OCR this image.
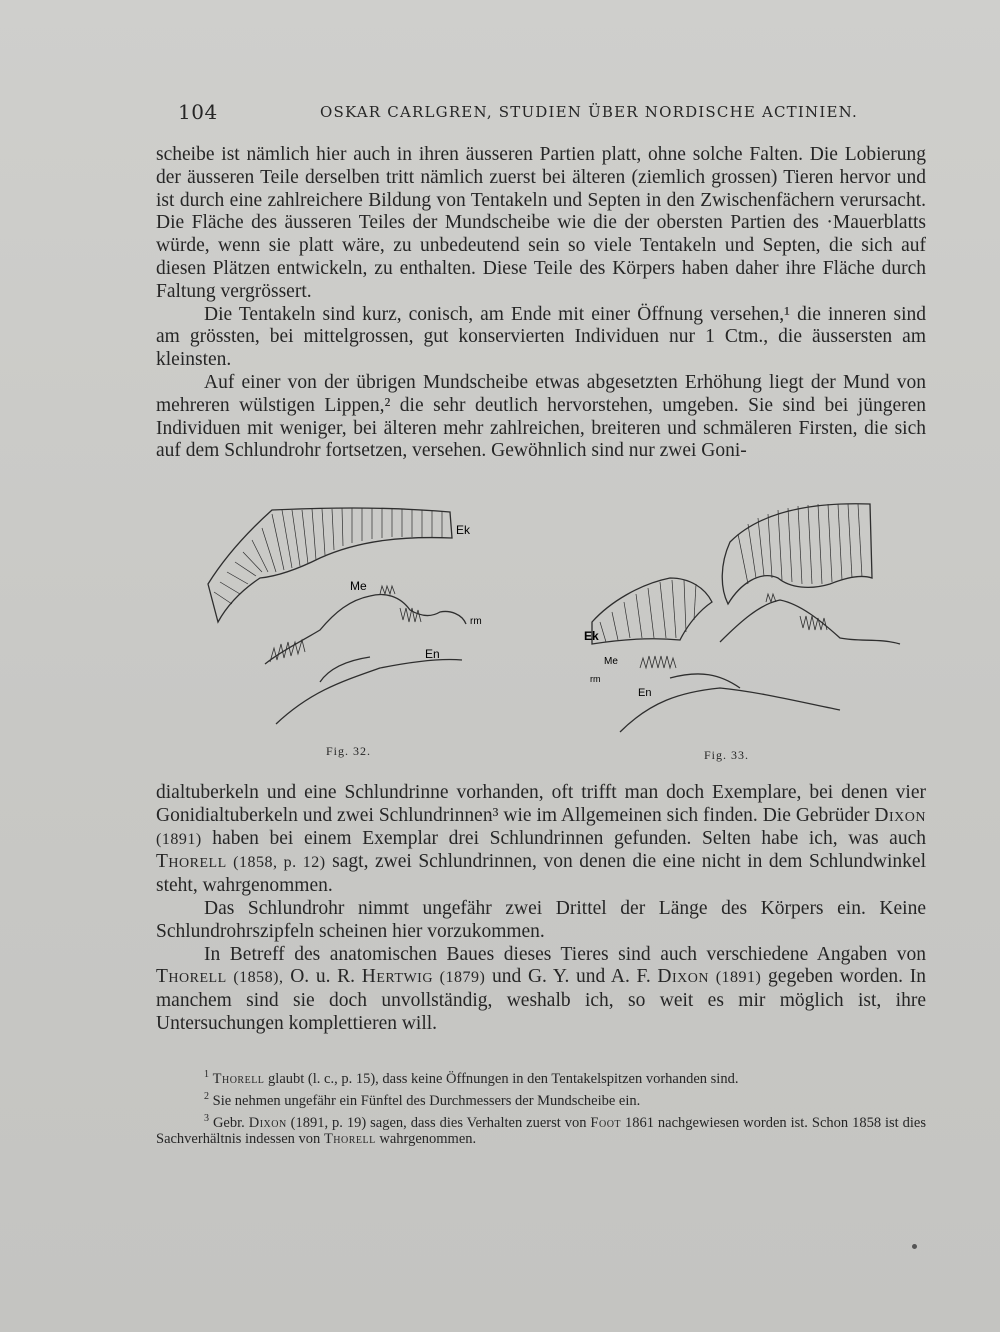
104	OSKAR CARLGREN, STUDIEN ÜBER NORDISCHE ACTINIEN.

scheibe ist nämlich hier auch in ihren äusseren Partien platt, ohne solche Falten. Die Lobierung der äusseren Teile derselben tritt nämlich zuerst bei älteren (ziemlich grossen) Tieren hervor und ist durch eine zahlreichere Bildung von Tentakeln und Septen in den Zwischenfächern verursacht. Die Fläche des äusseren Teiles der Mundscheibe wie die der obersten Partien des ·Mauerblatts würde, wenn sie platt wäre, zu unbedeutend sein so viele Tentakeln und Septen, die sich auf diesen Plätzen entwickeln, zu enthalten. Diese Teile des Körpers haben daher ihre Fläche durch Faltung vergrössert.

Die Tentakeln sind kurz, conisch, am Ende mit einer Öffnung versehen,¹ die inneren sind am grössten, bei mittelgrossen, gut konservierten Individuen nur 1 Ctm., die äussersten am kleinsten.

Auf einer von der übrigen Mundscheibe etwas abgesetzten Erhöhung liegt der Mund von mehreren wülstigen Lippen,² die sehr deutlich hervorstehen, umgeben. Sie sind bei jüngeren Individuen mit weniger, bei älteren mehr zahlreichen, breiteren und schmäleren Firsten, die sich auf dem Schlundrohr fortsetzen, versehen. Gewöhnlich sind nur zwei Goni-

Ek
Me
rm
En
Ek
Me
rm
En
Fig. 32.	Fig. 33.

dialtuberkeln und eine Schlundrinne vorhanden, oft trifft man doch Exemplare, bei denen vier Gonidialtuberkeln und zwei Schlundrinnen³ wie im Allgemeinen sich finden. Die Gebrüder Dixon (1891) haben bei einem Exemplar drei Schlundrinnen gefunden. Selten habe ich, was auch Thorell (1858, p. 12) sagt, zwei Schlundrinnen, von denen die eine nicht in dem Schlundwinkel steht, wahrgenommen.

Das Schlundrohr nimmt ungefähr zwei Drittel der Länge des Körpers ein. Keine Schlundrohrszipfeln scheinen hier vorzukommen.

In Betreff des anatomischen Baues dieses Tieres sind auch verschiedene Angaben von Thorell (1858), O. u. R. Hertwig (1879) und G. Y. und A. F. Dixon (1891) gegeben worden. In manchem sind sie doch unvollständig, weshalb ich, so weit es mir möglich ist, ihre Untersuchungen komplettieren will.

$^1$ Thorell glaubt (l. c., p. 15), dass keine Öffnungen in den Tentakelspitzen vorhanden sind.

$^2$ Sie nehmen ungefähr ein Fünftel des Durchmessers der Mundscheibe ein.

$^3$ Gebr. Dixon (1891, p. 19) sagen, dass dies Verhalten zuerst von Foot 1861 nachgewiesen worden ist. Schon 1858 ist dies Sachverhältnis indessen von Thorell wahrgenommen.
